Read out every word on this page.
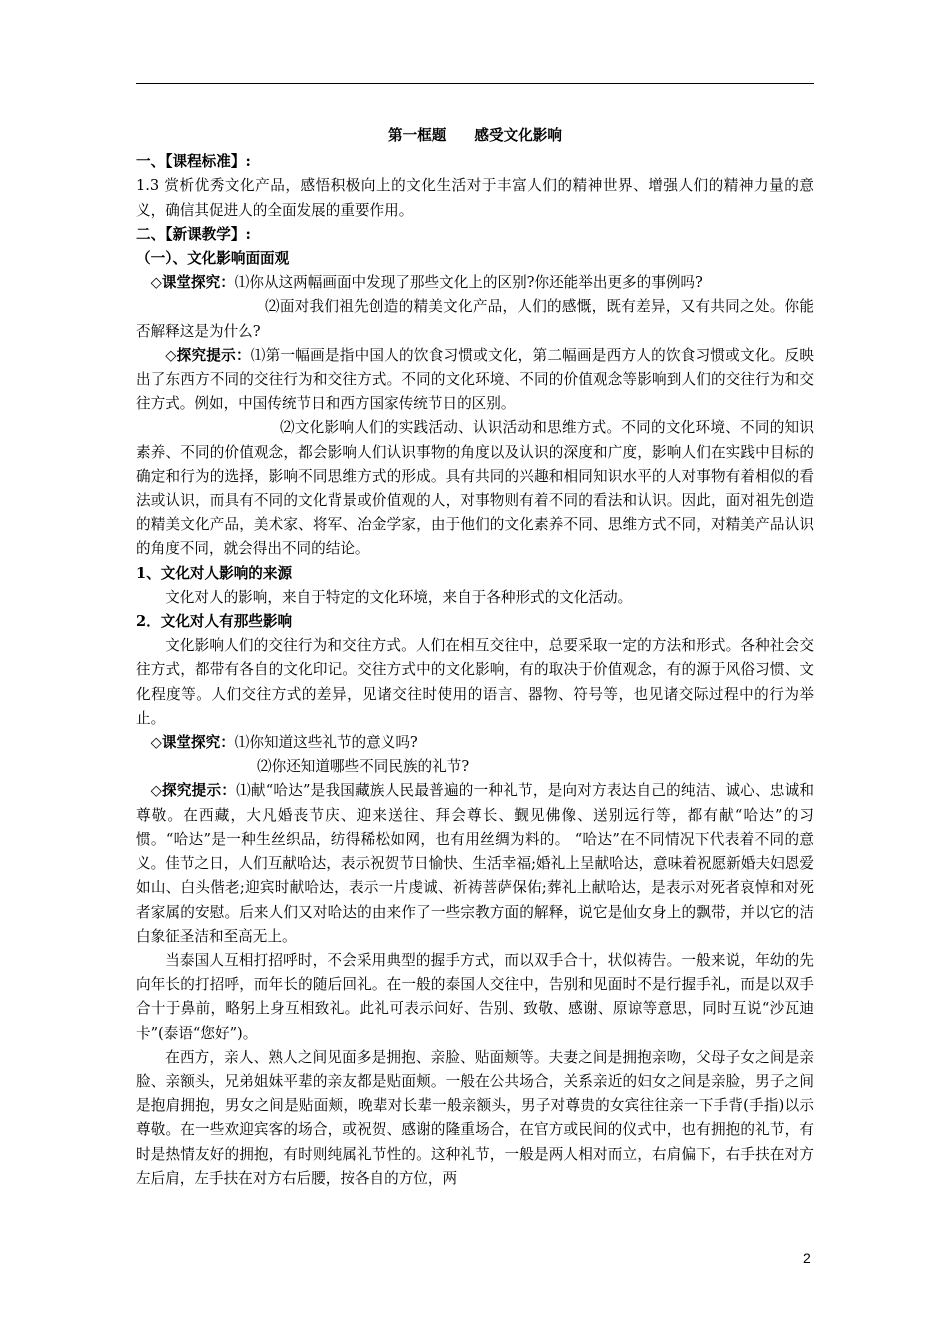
第一框题 感受文化影响

一、【课程标准】:

1.3 赏析优秀文化产品，感悟积极向上的文化生活对于丰富人们的精神世界、增强人们的精神力量的意义，确信其促进人的全面发展的重要作用。

二、【新课教学】:

（一）、文化影响面面观

◇课堂探究：⑴你从这两幅画面中发现了那些文化上的区别?你还能举出更多的事例吗?

⑵面对我们祖先创造的精美文化产品，人们的感慨，既有差异，又有共同之处。你能否解释这是为什么?

◇探究提示：⑴第一幅画是指中国人的饮食习惯或文化，第二幅画是西方人的饮食习惯或文化。反映出了东西方不同的交往行为和交往方式。不同的文化环境、不同的价值观念等影响到人们的交往行为和交往方式。例如，中国传统节日和西方国家传统节日的区别。

⑵文化影响人们的实践活动、认识活动和思维方式。不同的文化环境、不同的知识素养、不同的价值观念，都会影响人们认识事物的角度以及认识的深度和广度，影响人们在实践中目标的确定和行为的选择，影响不同思维方式的形成。具有共同的兴趣和相同知识水平的人对事物有着相似的看法或认识，而具有不同的文化背景或价值观的人，对事物则有着不同的看法和认识。因此，面对祖先创造的精美文化产品，美术家、将军、冶金学家，由于他们的文化素养不同、思维方式不同，对精美产品认识的角度不同，就会得出不同的结论。

1、文化对人影响的来源

文化对人的影响，来自于特定的文化环境，来自于各种形式的文化活动。

2．文化对人有那些影响

文化影响人们的交往行为和交往方式。人们在相互交往中，总要采取一定的方法和形式。各种社会交往方式，都带有各自的文化印记。交往方式中的文化影响，有的取决于价值观念，有的源于风俗习惯、文化程度等。人们交往方式的差异，见诸交往时使用的语言、器物、符号等，也见诸交际过程中的行为举止。

◇课堂探究：⑴你知道这些礼节的意义吗?

⑵你还知道哪些不同民族的礼节?

◇探究提示：⑴献“哈达”是我国藏族人民最普遍的一种礼节，是向对方表达自己的纯洁、诚心、忠诚和尊敬。在西藏，大凡婚丧节庆、迎来送往、拜会尊长、觐见佛像、送别远行等，都有献“哈达”的习惯。“哈达”是一种生丝织品，纺得稀松如网，也有用丝绸为料的。 “哈达”在不同情况下代表着不同的意义。佳节之日，人们互献哈达，表示祝贺节日愉快、生活幸福;婚礼上呈献哈达，意味着祝愿新婚夫妇恩爱如山、白头偕老;迎宾时献哈达，表示一片虔诚、祈祷菩萨保佑;葬礼上献哈达，是表示对死者哀悼和对死者家属的安慰。后来人们又对哈达的由来作了一些宗教方面的解释，说它是仙女身上的飘带，并以它的洁白象征圣洁和至高无上。

当泰国人互相打招呼时，不会采用典型的握手方式，而以双手合十，状似祷告。一般来说，年幼的先向年长的打招呼，而年长的随后回礼。在一般的泰国人交往中，告别和见面时不是行握手礼，而是以双手合十于鼻前，略躬上身互相致礼。此礼可表示问好、告别、致敬、感谢、原谅等意思，同时互说“沙瓦迪卡”(泰语“您好”)。

在西方，亲人、熟人之间见面多是拥抱、亲脸、贴面颊等。夫妻之间是拥抱亲吻，父母子女之间是亲脸、亲额头，兄弟姐妹平辈的亲友都是贴面颊。一般在公共场合，关系亲近的妇女之间是亲脸，男子之间是抱肩拥抱，男女之间是贴面颊，晚辈对长辈一般亲额头，男子对尊贵的女宾往往亲一下手背(手指)以示尊敬。在一些欢迎宾客的场合，或祝贺、感谢的隆重场合，在官方或民间的仪式中，也有拥抱的礼节，有时是热情友好的拥抱，有时则纯属礼节性的。这种礼节，一般是两人相对而立，右肩偏下，右手扶在对方左后肩，左手扶在对方右后腰，按各自的方位，两

2
